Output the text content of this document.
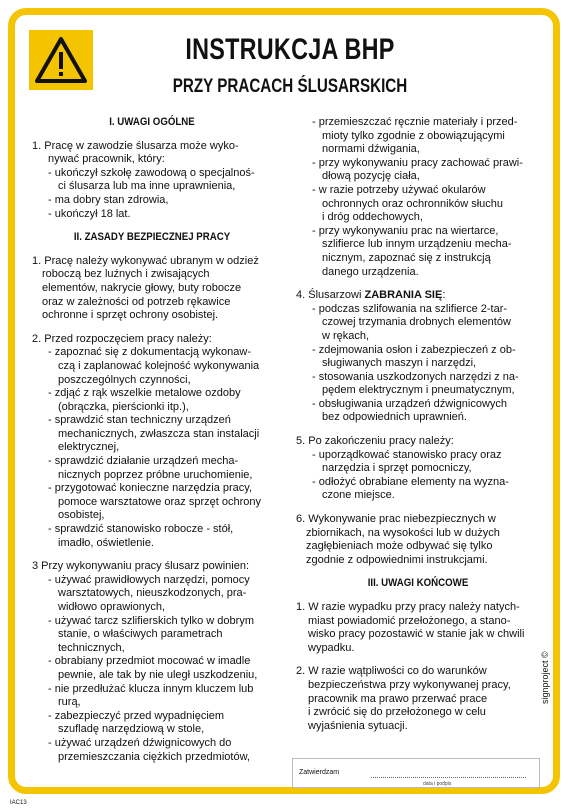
INSTRUKCJA BHP
PRZY PRACACH ŚLUSARSKICH

I. UWAGI OGÓLNE

1. Pracę w zawodzie ślusarza może wyko-

nywać pracownik, który:

- ukończył szkołę zawodową o specjalnoś-

ci ślusarza lub ma inne uprawnienia,

- ma dobry stan zdrowia,

- ukończył 18 lat.

II. ZASADY BEZPIECZNEJ PRACY

1. Pracę należy wykonywać ubranym w odzież

roboczą bez luźnych i zwisających

elementów, nakrycie głowy, buty robocze

oraz w zależności od potrzeb rękawice

ochronne i sprzęt ochrony osobistej.

2. Przed rozpoczęciem pracy należy:

- zapoznać się z dokumentacją wykonaw-

czą i zaplanować kolejność wykonywania

poszczególnych czynności,

- zdjąć z rąk wszelkie metalowe ozdoby

(obrączka, pierścionki itp.),

- sprawdzić stan techniczny urządzeń

mechanicznych, zwłaszcza stan instalacji

elektrycznej,

- sprawdzić działanie urządzeń mecha-

nicznych poprzez próbne uruchomienie,

- przygotować konieczne narzędzia pracy,

pomoce warsztatowe oraz sprzęt ochrony

osobistej,

- sprawdzić stanowisko robocze - stół,

imadło, oświetlenie.

3 Przy wykonywaniu pracy ślusarz powinien:

- używać prawidłowych narzędzi, pomocy

warsztatowych, nieuszkodzonych, pra-

widłowo oprawionych,

- używać tarcz szlifierskich tylko w dobrym

stanie, o właściwych parametrach

technicznych,

- obrabiany przedmiot mocować w imadle

pewnie, ale tak by nie uległ uszkodzeniu,

- nie przedłużać klucza innym kluczem lub

rurą,

- zabezpieczyć przed wypadnięciem

szufladę narzędziową w stole,

- używać urządzeń dźwignicowych do

przemieszczania ciężkich przedmiotów,

- przemieszczać ręcznie materiały i przed-

mioty tylko zgodnie z obowiązującymi

normami dźwigania,

- przy wykonywaniu pracy zachować prawi-

dłową pozycję ciała,

- w razie potrzeby używać okularów

ochronnych oraz ochronników słuchu

i dróg oddechowych,

- przy wykonywaniu prac na wiertarce,

szlifierce lub innym urządzeniu mecha-

nicznym, zapoznać się z instrukcją

danego urządzenia.

4. Ślusarzowi ZABRANIA SIĘ:

- podczas szlifowania na szlifierce 2-tar-

czowej trzymania drobnych elementów

w rękach,

- zdejmowania osłon i zabezpieczeń z ob-

sługiwanych maszyn i narzędzi,

- stosowania uszkodzonych narzędzi z na-

pędem elektrycznym i pneumatycznym,

- obsługiwania urządzeń dźwignicowych

bez odpowiednich uprawnień.

5. Po zakończeniu pracy należy:

- uporządkować stanowisko pracy oraz

narzędzia i sprzęt pomocniczy,

- odłożyć obrabiane elementy na wyzna-

czone miejsce.

6. Wykonywanie prac niebezpiecznych w

zbiornikach, na wysokości lub w dużych

zagłębieniach może odbywać się tylko

zgodnie z odpowiednimi instrukcjami.

III. UWAGI KOŃCOWE

1. W razie wypadku przy pracy należy natych-

miast powiadomić przełożonego, a stano-

wisko pracy pozostawić w stanie jak w chwili

wypadku.

2. W razie wątpliwości co do warunków

bezpieczeństwa przy wykonywanej pracy,

pracownik ma prawo przerwać prace

i zwrócić się do przełożonego w celu

wyjaśnienia sytuacji.

Zatwierdzam
data i podpis
signproject ©
IAC13
